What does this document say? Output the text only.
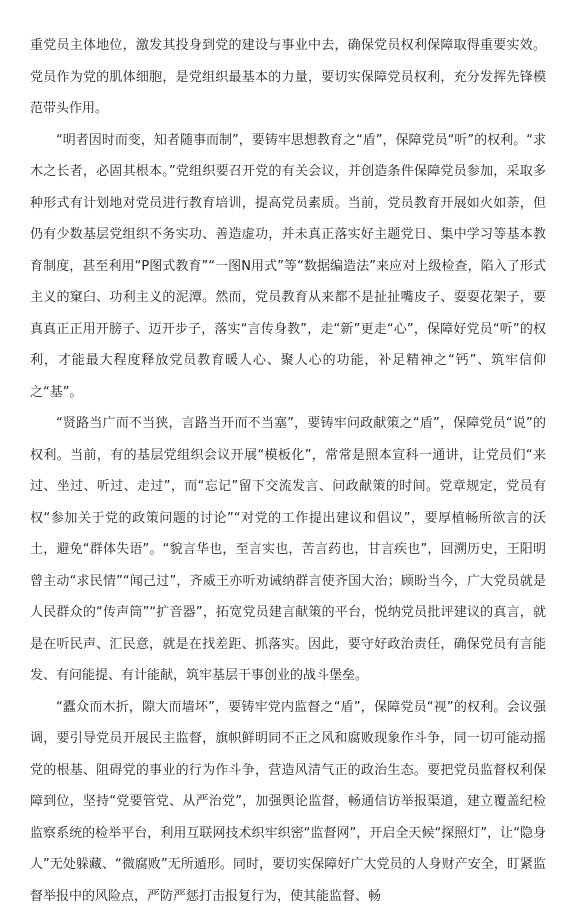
重党员主体地位，激发其投身到党的建设与事业中去，确保党员权利保障取得重要实效。党员作为党的肌体细胞，是党组织最基本的力量，要切实保障党员权利，充分发挥先锋模范带头作用。

“明者因时而变，知者随事而制”，要铸牢思想教育之“盾”，保障党员“听”的权利。“求木之长者，必固其根本。”党组织要召开党的有关会议，并创造条件保障党员参加，采取多种形式有计划地对党员进行教育培训，提高党员素质。当前，党员教育开展如火如荼，但仍有少数基层党组织不务实功、善造虚功，并未真正落实好主题党日、集中学习等基本教育制度，甚至利用“P图式教育”“一图N用式”等“数据编造法”来应对上级检查，陷入了形式主义的窠臼、功利主义的泥潭。然而，党员教育从来都不是扯扯嘴皮子、耍耍花架子，要真真正正用开膀子、迈开步子，落实“言传身教”，走“新”更走“心”，保障好党员“听”的权利，才能最大程度释放党员教育暖人心、聚人心的功能，补足精神之“钙”、筑牢信仰之“基”。

“贤路当广而不当狭，言路当开而不当塞”，要铸牢问政献策之“盾”，保障党员“说”的权利。当前，有的基层党组织会议开展“模板化”，常常是照本宣科一通讲，让党员们“来过、坐过、听过、走过”，而“忘记”留下交流发言、问政献策的时间。党章规定，党员有权“参加关于党的政策问题的讨论”“对党的工作提出建议和倡议”，要厚植畅所欲言的沃土，避免“群体失语”。“貌言华也，至言实也，苦言药也，甘言疾也”，回溯历史，王阳明曾主动“求民情”“闻己过”，齐威王亦听劝诫纳群言使齐国大治；顾盼当今，广大党员就是人民群众的“传声筒”“扩音器”，拓宽党员建言献策的平台，悦纳党员批评建议的真言，就是在听民声、汇民意，就是在找差距、抓落实。因此，要守好政治责任，确保党员有言能发、有问能提、有计能献，筑牢基层干事创业的战斗堡垒。

“蠹众而木折，隙大而墙坏”，要铸牢党内监督之“盾”，保障党员“视”的权利。会议强调，要引导党员开展民主监督，旗帜鲜明同不正之风和腐败现象作斗争，同一切可能动摇党的根基、阻碍党的事业的行为作斗争，营造风清气正的政治生态。要把党员监督权利保障到位，坚持“党要管党、从严治党”，加强舆论监督，畅通信访举报渠道，建立覆盖纪检监察系统的检举平台，利用互联网技术织牢织密“监督网”，开启全天候“探照灯”，让“隐身人”无处躲藏、“微腐败”无所遁形。同时，要切实保障好广大党员的人身财产安全，盯紧监督举报中的风险点，严防严惩打击报复行为，使其能监督、畅
